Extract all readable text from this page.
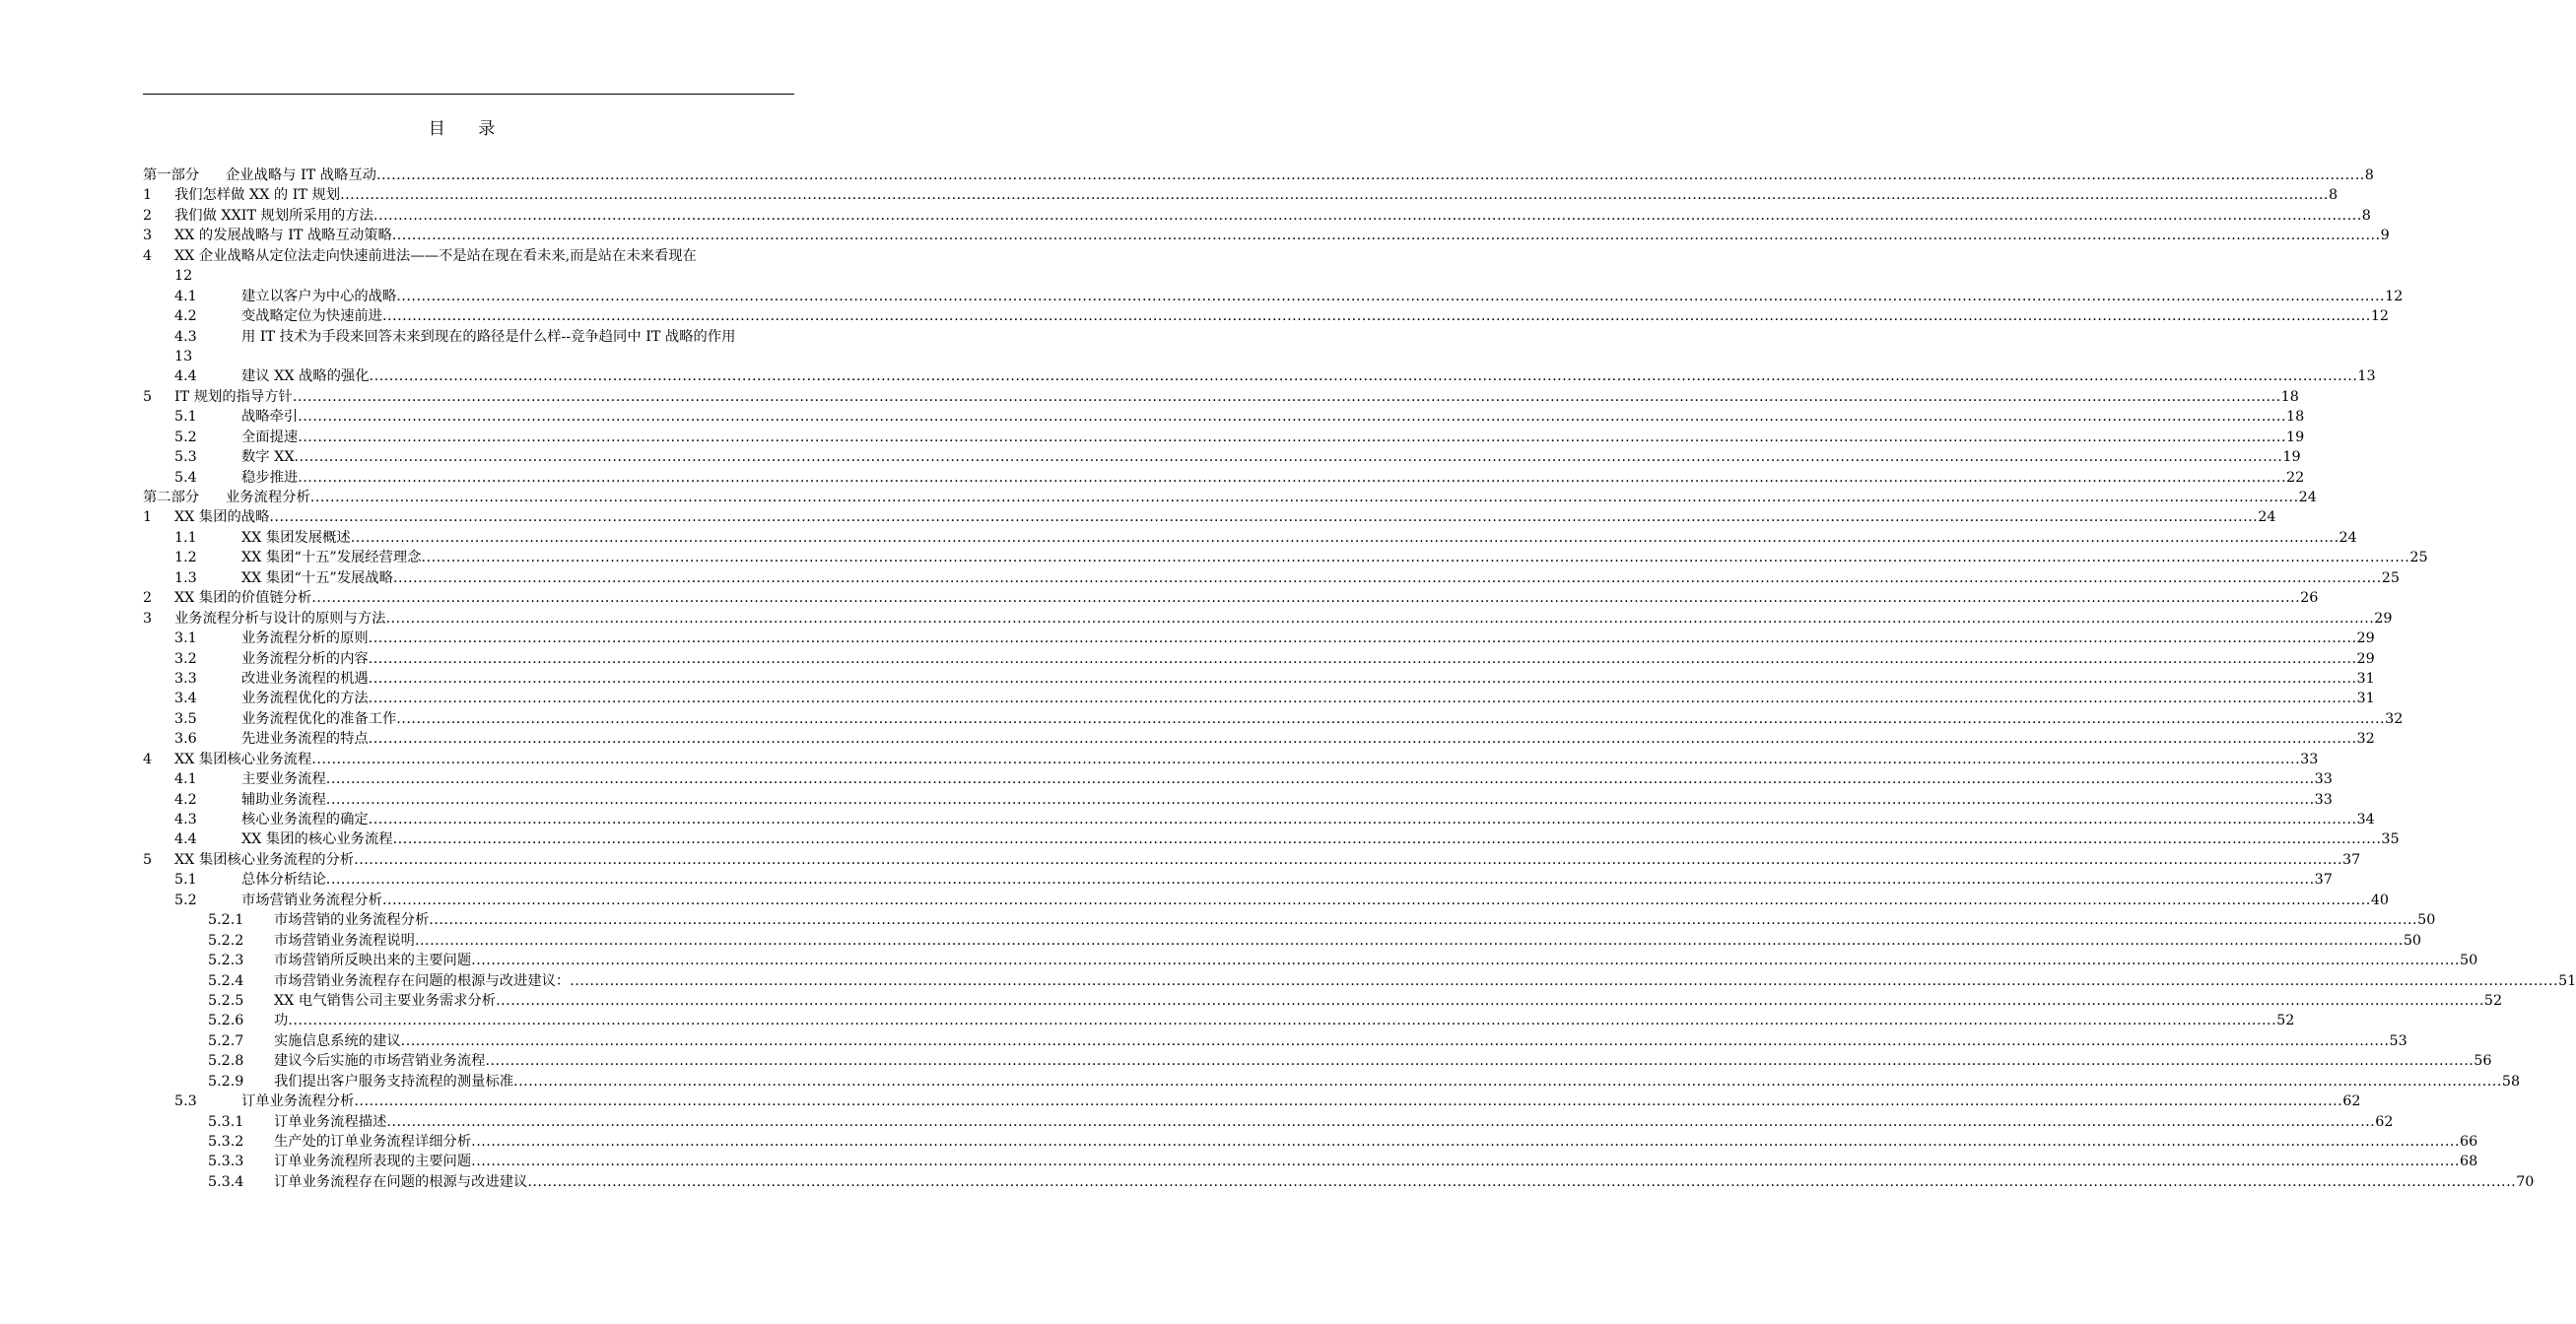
目 录
第一部分 企业战略与 IT 战略互动 ................................................................................................................................................................................................................................................................................................................................................................................................................ 8
1 我们怎样做 XX 的 IT 规划 ................................................................................................................................................................................................................................................................................................................................................................................................................ 8
2 我们做 XXIT 规划所采用的方法 ................................................................................................................................................................................................................................................................................................................................................................................................................ 8
3 XX 的发展战略与 IT 战略互动策略 ................................................................................................................................................................................................................................................................................................................................................................................................................ 9
4 XX 企业战略从定位法走向快速前进法——不是站在现在看未来,而是站在未来看现在
12
4.1	建立以客户为中心的战略 ................................................................................................................................................................................................................................................................................................................................................................................................................ 12
4.2	变战略定位为快速前进 ................................................................................................................................................................................................................................................................................................................................................................................................................ 12
4.3	用 IT 技术为手段来回答未来到现在的路径是什么样--竞争趋同中 IT 战略的作用
13
4.4	建议 XX 战略的强化 ................................................................................................................................................................................................................................................................................................................................................................................................................ 13
5 IT 规划的指导方针 ................................................................................................................................................................................................................................................................................................................................................................................................................ 18
5.1	战略牵引 ................................................................................................................................................................................................................................................................................................................................................................................................................ 18
5.2	全面提速 ................................................................................................................................................................................................................................................................................................................................................................................................................ 19
5.3	数字 XX ................................................................................................................................................................................................................................................................................................................................................................................................................ 19
5.4	稳步推进 ................................................................................................................................................................................................................................................................................................................................................................................................................ 22
第二部分 业务流程分析 ................................................................................................................................................................................................................................................................................................................................................................................................................ 24
1 XX 集团的战略 ................................................................................................................................................................................................................................................................................................................................................................................................................ 24
1.1	XX 集团发展概述 ................................................................................................................................................................................................................................................................................................................................................................................................................ 24
1.2	XX 集团“十五”发展经营理念 ................................................................................................................................................................................................................................................................................................................................................................................................................ 25
1.3	XX 集团“十五”发展战略 ................................................................................................................................................................................................................................................................................................................................................................................................................ 25
2 XX 集团的价值链分析 ................................................................................................................................................................................................................................................................................................................................................................................................................ 26
3 业务流程分析与设计的原则与方法 ................................................................................................................................................................................................................................................................................................................................................................................................................ 29
3.1	业务流程分析的原则 ................................................................................................................................................................................................................................................................................................................................................................................................................ 29
3.2	业务流程分析的内容 ................................................................................................................................................................................................................................................................................................................................................................................................................ 29
3.3	改进业务流程的机遇 ................................................................................................................................................................................................................................................................................................................................................................................................................ 31
3.4	业务流程优化的方法 ................................................................................................................................................................................................................................................................................................................................................................................................................ 31
3.5	业务流程优化的准备工作 ................................................................................................................................................................................................................................................................................................................................................................................................................ 32
3.6	先进业务流程的特点 ................................................................................................................................................................................................................................................................................................................................................................................................................ 32
4 XX 集团核心业务流程 ................................................................................................................................................................................................................................................................................................................................................................................................................ 33
4.1	主要业务流程 ................................................................................................................................................................................................................................................................................................................................................................................................................ 33
4.2	辅助业务流程 ................................................................................................................................................................................................................................................................................................................................................................................................................ 33
4.3	核心业务流程的确定 ................................................................................................................................................................................................................................................................................................................................................................................................................ 34
4.4	XX 集团的核心业务流程 ................................................................................................................................................................................................................................................................................................................................................................................................................ 35
5 XX 集团核心业务流程的分析 ................................................................................................................................................................................................................................................................................................................................................................................................................ 37
5.1	总体分析结论 ................................................................................................................................................................................................................................................................................................................................................................................................................ 37
5.2	市场营销业务流程分析 ................................................................................................................................................................................................................................................................................................................................................................................................................ 40
5.2.1 市场营销的业务流程分析 ................................................................................................................................................................................................................................................................................................................................................................................................................ 50
5.2.2 市场营销业务流程说明 ................................................................................................................................................................................................................................................................................................................................................................................................................ 50
5.2.3 市场营销所反映出来的主要问题 ................................................................................................................................................................................................................................................................................................................................................................................................................ 50
5.2.4 市场营销业务流程存在问题的根源与改进建议： ................................................................................................................................................................................................................................................................................................................................................................................................................ 51
5.2.5 XX 电气销售公司主要业务需求分析 ................................................................................................................................................................................................................................................................................................................................................................................................................ 52
5.2.6 功 ................................................................................................................................................................................................................................................................................................................................................................................................................ 52
5.2.7 实施信息系统的建议 ................................................................................................................................................................................................................................................................................................................................................................................................................ 53
5.2.8 建议今后实施的市场营销业务流程 ................................................................................................................................................................................................................................................................................................................................................................................................................ 56
5.2.9 我们提出客户服务支持流程的测量标准 ................................................................................................................................................................................................................................................................................................................................................................................................................ 58
5.3	订单业务流程分析 ................................................................................................................................................................................................................................................................................................................................................................................................................ 62
5.3.1 订单业务流程描述 ................................................................................................................................................................................................................................................................................................................................................................................................................ 62
5.3.2 生产处的订单业务流程详细分析 ................................................................................................................................................................................................................................................................................................................................................................................................................ 66
5.3.3 订单业务流程所表现的主要问题 ................................................................................................................................................................................................................................................................................................................................................................................................................ 68
5.3.4 订单业务流程存在问题的根源与改进建议 ................................................................................................................................................................................................................................................................................................................................................................................................................ 70
